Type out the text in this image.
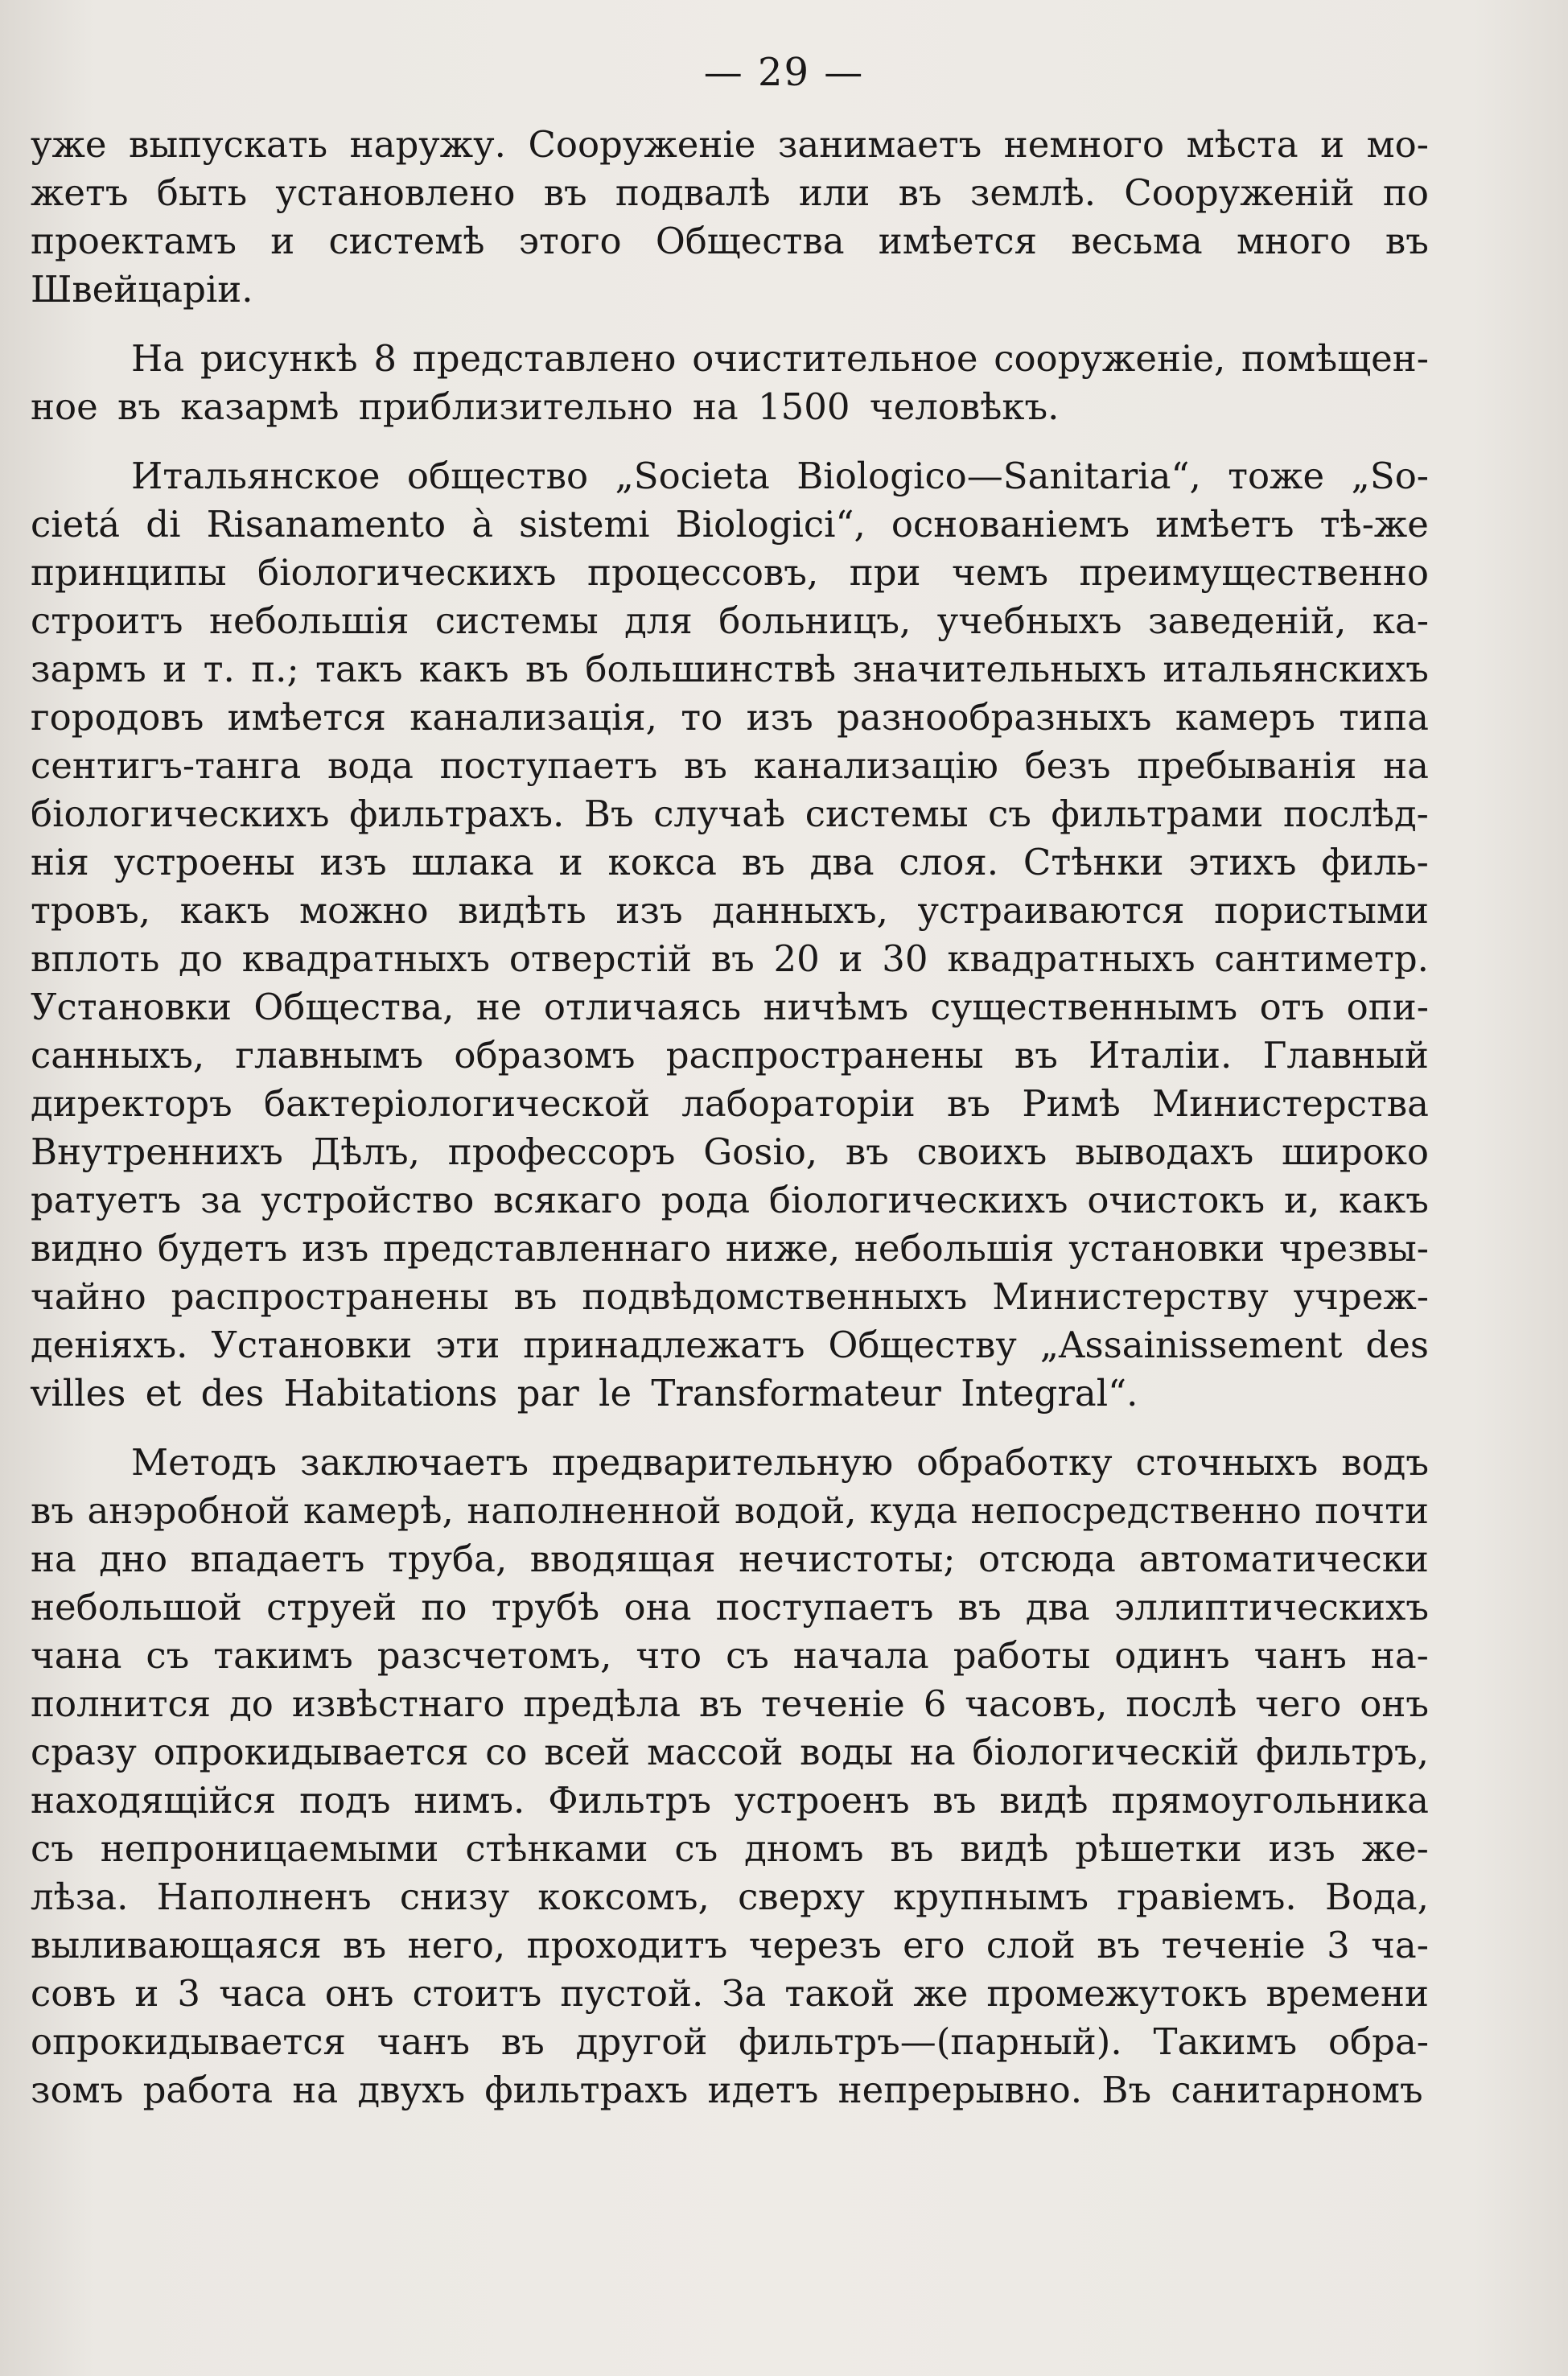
— 29 —
уже выпускать наружу. Сооруженіе занимаетъ немного мѣста и мо-
жетъ быть установлено въ подвалѣ или въ землѣ. Сооруженій по
проектамъ и системѣ этого Общества имѣется весьма много въ
Швейцаріи.
На рисункѣ 8 представлено очистительное сооруженіе, помѣщен-
ное въ казармѣ приблизительно на 1500 человѣкъ.
Итальянское общество „Societa Biologico—Sanitaria“, тоже „So-
cietá di Risanamento à sistemi Biologici“, основаніемъ имѣетъ тѣ-же
принципы біологическихъ процессовъ, при чемъ преимущественно
строитъ небольшія системы для больницъ, учебныхъ заведеній, ка-
зармъ и т. п.; такъ какъ въ большинствѣ значительныхъ итальянскихъ
городовъ имѣется канализація, то изъ разнообразныхъ камеръ типа
сентигъ-танга вода поступаетъ въ канализацію безъ пребыванія на
біологическихъ фильтрахъ. Въ случаѣ системы съ фильтрами послѣд-
нія устроены изъ шлака и кокса въ два слоя. Стѣнки этихъ филь-
тровъ, какъ можно видѣть изъ данныхъ, устраиваются пористыми
вплоть до квадратныхъ отверстій въ 20 и 30 квадратныхъ сантиметр.
Установки Общества, не отличаясь ничѣмъ существеннымъ отъ опи-
санныхъ, главнымъ образомъ распространены въ Италіи. Главный
директоръ бактеріологической лабораторіи въ Римѣ Министерства
Внутреннихъ Дѣлъ, профессоръ Gosio, въ своихъ выводахъ широко
ратуетъ за устройство всякаго рода біологическихъ очистокъ и, какъ
видно будетъ изъ представленнаго ниже, небольшія установки чрезвы-
чайно распространены въ подвѣдомственныхъ Министерству учреж-
деніяхъ. Установки эти принадлежатъ Обществу „Assainissement des
villes et des Habitations par le Transformateur Integral“.
Методъ заключаетъ предварительную обработку сточныхъ водъ
въ анэробной камерѣ, наполненной водой, куда непосредственно почти
на дно впадаетъ труба, вводящая нечистоты; отсюда автоматически
небольшой струей по трубѣ она поступаетъ въ два эллиптическихъ
чана съ такимъ разсчетомъ, что съ начала работы одинъ чанъ на-
полнится до извѣстнаго предѣла въ теченіе 6 часовъ, послѣ чего онъ
сразу опрокидывается со всей массой воды на біологическій фильтръ,
находящійся подъ нимъ. Фильтръ устроенъ въ видѣ прямоугольника
съ непроницаемыми стѣнками съ дномъ въ видѣ рѣшетки изъ же-
лѣза. Наполненъ снизу коксомъ, сверху крупнымъ гравіемъ. Вода,
выливающаяся въ него, проходитъ черезъ его слой въ теченіе 3 ча-
совъ и 3 часа онъ стоитъ пустой. За такой же промежутокъ времени
опрокидывается чанъ въ другой фильтръ—(парный). Такимъ обра-
зомъ работа на двухъ фильтрахъ идетъ непрерывно. Въ санитарномъ
